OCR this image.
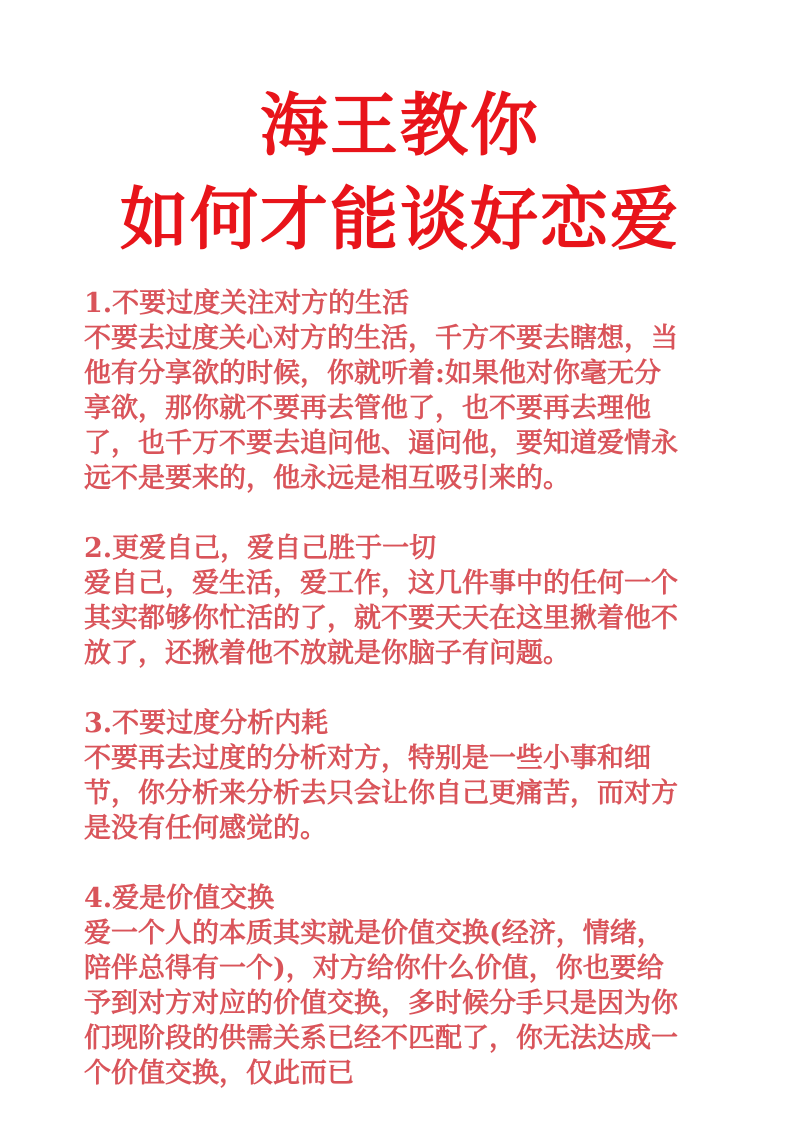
海王教你
如何才能谈好恋爱
1.不要过度关注对方的生活
不要去过度关心对方的生活，千方不要去瞎想，当
他有分享欲的时候，你就听着:如果他对你毫无分
享欲，那你就不要再去管他了，也不要再去理他
了，也千万不要去追问他、逼问他，要知道爱情永
远不是要来的，他永远是相互吸引来的。
2.更爱自己，爱自己胜于一切
爱自己，爱生活，爱工作，这几件事中的任何一个
其实都够你忙活的了，就不要天天在这里揪着他不
放了，还揪着他不放就是你脑子有问题。
3.不要过度分析内耗
不要再去过度的分析对方，特别是一些小事和细
节，你分析来分析去只会让你自己更痛苦，而对方
是没有任何感觉的。
4.爱是价值交换
爱一个人的本质其实就是价值交换(经济，情绪，
陪伴总得有一个)，对方给你什么价值，你也要给
予到对方对应的价值交换，多时候分手只是因为你
们现阶段的供需关系已经不匹配了，你无法达成一
个价值交换，仅此而已
